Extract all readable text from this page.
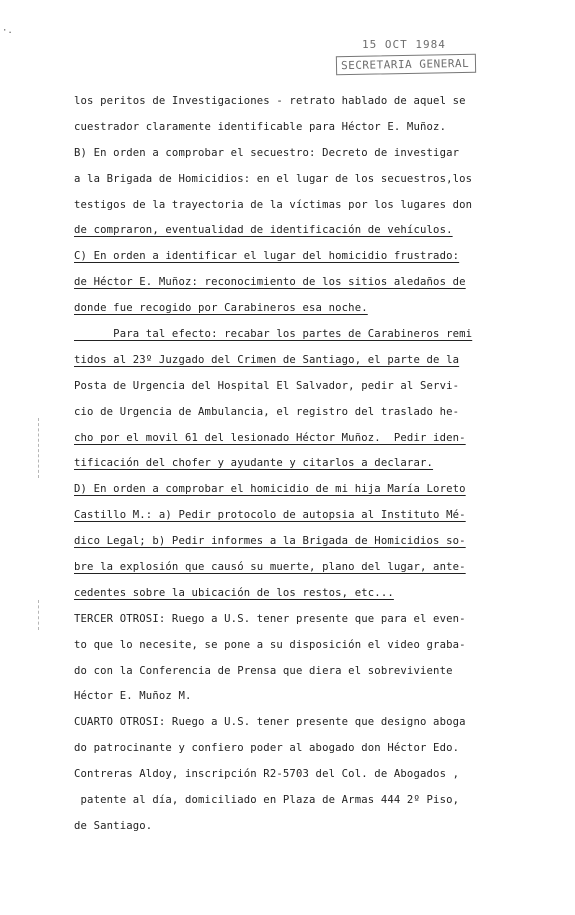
·.
15 OCT 1984
SECRETARIA GENERAL
los peritos de Investigaciones - retrato hablado de aquel se
cuestrador claramente identificable para Héctor E. Muñoz.
B) En orden a comprobar el secuestro: Decreto de investigar
a la Brigada de Homicidios: en el lugar de los secuestros,los
testigos de la trayectoria de la víctimas por los lugares don
de compraron, eventualidad de identificación de vehículos.
C) En orden a identificar el lugar del homicidio frustrado:
de Héctor E. Muñoz: reconocimiento de los sitios aledaños de
donde fue recogido por Carabineros esa noche.
Para tal efecto: recabar los partes de Carabineros remi
tidos al 23º Juzgado del Crimen de Santiago, el parte de la
Posta de Urgencia del Hospital El Salvador, pedir al Servi-
cio de Urgencia de Ambulancia, el registro del traslado he-
cho por el movil 61 del lesionado Héctor Muñoz.  Pedir iden-
tificación del chofer y ayudante y citarlos a declarar.
D) En orden a comprobar el homicidio de mi hija María Loreto
Castillo M.: a) Pedir protocolo de autopsia al Instituto Mé-
dico Legal; b) Pedir informes a la Brigada de Homicidios so-
bre la explosión que causó su muerte, plano del lugar, ante-
cedentes sobre la ubicación de los restos, etc...
TERCER OTROSI: Ruego a U.S. tener presente que para el even-
to que lo necesite, se pone a su disposición el video graba-
do con la Conferencia de Prensa que diera el sobreviviente
Héctor E. Muñoz M.
CUARTO OTROSI: Ruego a U.S. tener presente que designo aboga
do patrocinante y confiero poder al abogado don Héctor Edo.
Contreras Aldoy, inscripción R2-5703 del Col. de Abogados ,
patente al día, domiciliado en Plaza de Armas 444 2º Piso,
de Santiago.
